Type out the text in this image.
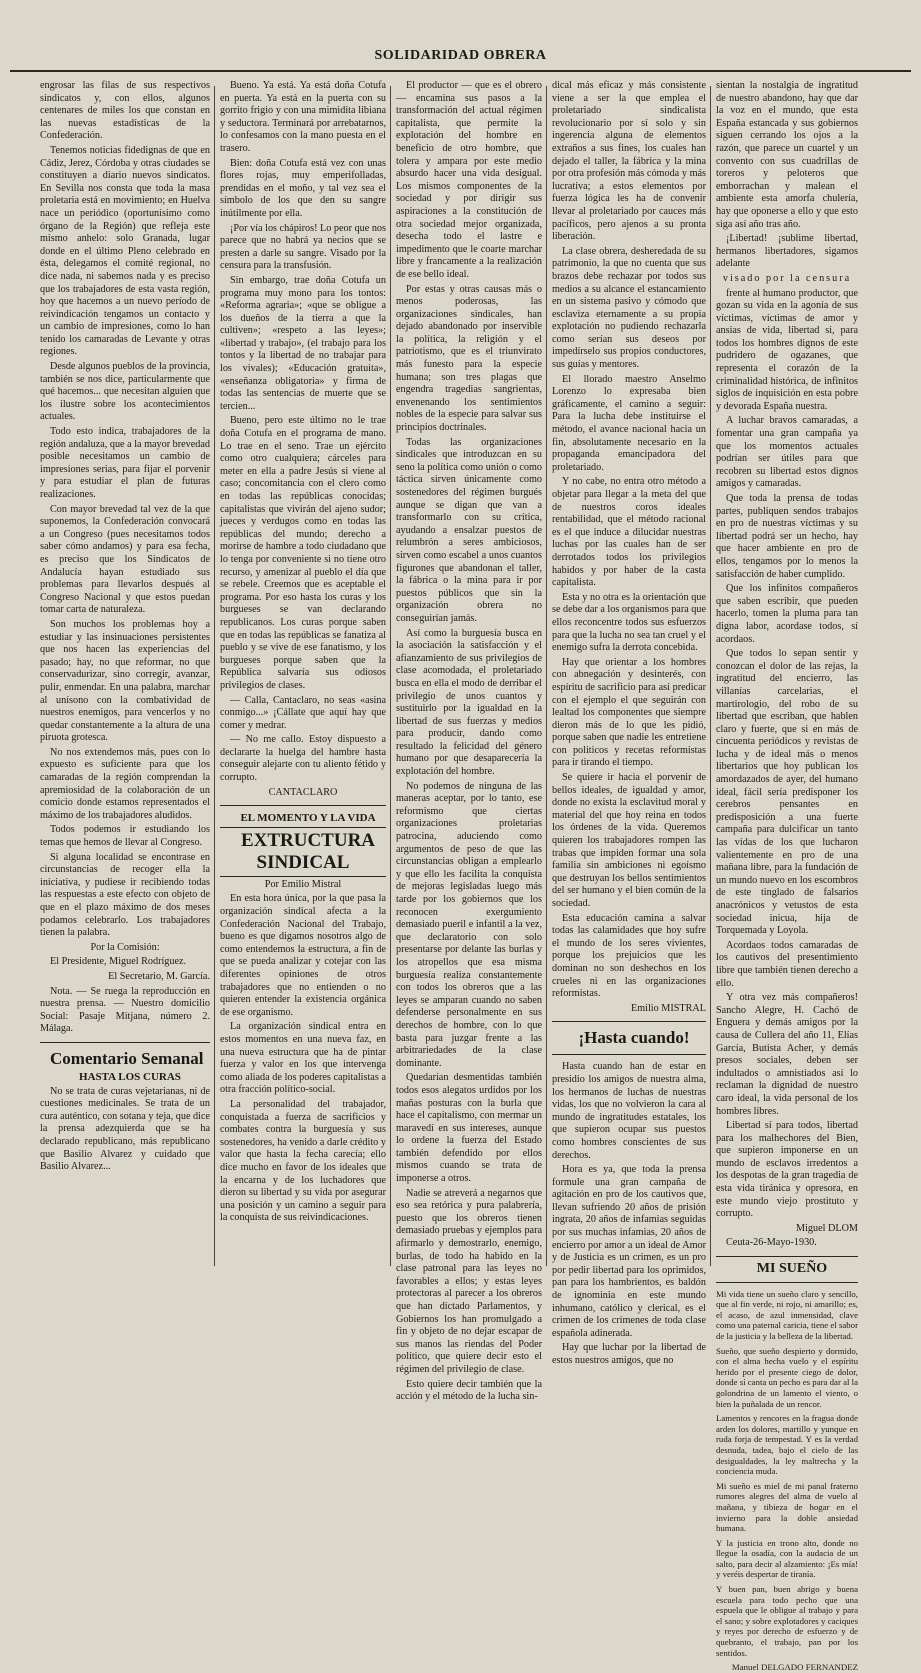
SOLIDARIDAD OBRERA

engrosar las filas de sus respectivos sindicatos y, con ellos, algunos centenares de miles los que constan en las nuevas estadísticas de la Confederación.

Tenemos noticias fidedignas de que en Cádiz, Jerez, Córdoba y otras ciudades se constituyen a diario nuevos sindicatos. En Sevilla nos consta que toda la masa proletaria está en movimiento; en Huelva nace un periódico (oportunísimo como órgano de la Región) que refleja este mismo anhelo: solo Granada, lugar donde en el último Pleno celebrado en ésta, delegamos el comité regional, no dice nada, ni sabemos nada y es preciso que los trabajadores de esta vasta región, hoy que hacemos a un nuevo período de reivindicación tengamos un contacto y un cambio de impresiones, como lo han tenido los camaradas de Levante y otras regiones.

Desde algunos pueblos de la provincia, también se nos dice, particularmente que qué hacemos... que necesitan alguien que los ilustre sobre los acontecimientos actuales.

Todo esto indica, trabajadores de la región andaluza, que a la mayor brevedad posible necesitamos un cambio de impresiones serias, para fijar el porvenir y para estudiar el plan de futuras realizaciones.

Con mayor brevedad tal vez de la que suponemos, la Confederación convocará a un Congreso (pues necesitamos todos saber cómo andamos) y para esa fecha, es preciso que los Sindicatos de Andalucía hayan estudiado sus problemas para llevarlos después al Congreso Nacional y que estos puedan tomar carta de naturaleza.

Son muchos los problemas hoy a estudiar y las insinuaciones persistentes que nos hacen las experiencias del pasado; hay, no que reformar, no que conservadurizar, sino corregir, avanzar, pulir, enmendar. En una palabra, marchar al unísono con la combatividad de nuestros enemigos, para vencerlos y no quedar constantemente a la altura de una piruota grotesca.

No nos extendemos más, pues con lo expuesto es suficiente para que los camaradas de la región comprendan la apremiosidad de la colaboración de un comicio donde estamos representados el máximo de los trabajadores aludidos.

Todos podemos ir estudiando los temas que hemos de llevar al Congreso.

Si alguna localidad se encontrase en circunstancias de recoger ella la iniciativa, y pudiese ir recibiendo todas las respuestas a este efecto con objeto de que en el plazo máximo de dos meses podamos celebrarlo. Los trabajadores tienen la palabra.

Por la Comisión:

El Presidente, Miguel Rodríguez.

El Secretario, M. García.

Nota. — Se ruega la reproducción en nuestra prensa. — Nuestro domicilio Social: Pasaje Mitjana, número 2. Málaga.

Comentario Semanal

HASTA LOS CURAS

No se trata de curas vejetarianas, ni de cuestiones medicinales. Se trata de un cura auténtico, con sotana y teja, que dice la prensa adezquierda que se ha declarado republicano, más republicano que Basilio Alvarez y cuidado que Basilio Alvarez...

Bueno. Ya está. Ya está doña Cotufa en puerta. Ya está en la puerta con su gorrito frigio y con una mimidita libiana y seductora. Terminará por arrebatarnos, lo confesamos con la mano puesta en el trasero.

Bien: doña Cotufa está vez con unas flores rojas, muy emperifolladas, prendidas en el moño, y tal vez sea el símbolo de los que den su sangre inútilmente por ella.

¡Por vía los chápiros! Lo peor que nos parece que no habrá ya necios que se presten a darle su sangre. Visado por la censura para la transfusión.

Sin embargo, trae doña Cotufa un programa muy mono para los tontos: «Reforma agraria»; «que se obligue a los dueños de la tierra a que la cultiven»; «respeto a las leyes»; «libertad y trabajo», (el trabajo para los tontos y la libertad de no trabajar para los vivales); «Educación gratuita», «enseñanza obligatoria» y firma de todas las sentencias de muerte que se tercien...

Bueno, pero este último no le trae doña Cotufa en el programa de mano. Lo trae en el seno. Trae un ejército como otro cualquiera; cárceles para meter en ella a padre Jesús si viene al caso; concomitancia con el clero como en todas las repúblicas conocidas; capitalistas que vivirán del ajeno sudor; jueces y verdugos como en todas las repúblicas del mundo; derecho a morirse de hambre a todo ciudadano que lo tenga por conveniente si no tiene otro recurso, y amenizar al pueblo el día que se rebele. Creemos que es aceptable el programa. Por eso hasta los curas y los burgueses se van declarando republicanos. Los curas porque saben que en todas las repúblicas se fanatiza al pueblo y se vive de ese fanatismo, y los burgueses porque saben que la República salvaría sus odiosos privilegios de clases.

— Calla, Cantaclaro, no seas «asina conmigo...» ¡Cállate que aquí hay que comer y medrar.

— No me callo. Estoy dispuesto a declararte la huelga del hambre hasta conseguir alejarte con tu aliento fétido y corrupto.

CANTACLARO

EL MOMENTO Y LA VIDA

EXTRUCTURA SINDICAL

Por Emilio Mistral

En esta hora única, por la que pasa la organización sindical afecta a la Confederación Nacional del Trabajo, bueno es que digamos nosotros algo de como entendemos la estructura, a fin de que se pueda analizar y cotejar con las diferentes opiniones de otros trabajadores que no entienden o no quieren entender la existencia orgánica de ese organismo.

La organización sindical entra en estos momentos en una nueva faz, en una nueva estructura que ha de pintar fuerza y valor en los que intervenga como aliada de los poderes capitalistas a otra fracción político-social.

La personalidad del trabajador, conquistada a fuerza de sacrificios y combates contra la burguesía y sus sostenedores, ha venido a darle crédito y valor que hasta la fecha carecía; ello dice mucho en favor de los ideales que la encarna y de los luchadores que dieron su libertad y su vida por asegurar una posición y un camino a seguir para la conquista de sus reivindicaciones.

El productor — que es el obrero — encamina sus pasos a la transformación del actual régimen capitalista, que permite la explotación del hombre en beneficio de otro hombre, que tolera y ampara por este medio absurdo hacer una vida desigual. Los mismos componentes de la sociedad y por dirigir sus aspiraciones a la constitución de otra sociedad mejor organizada, desecha todo el lastre e impedimento que le coarte marchar libre y francamente a la realización de ese bello ideal.

Por estas y otras causas más o menos poderosas, las organizaciones sindicales, han dejado abandonado por inservible la política, la religión y el patriotismo, que es el triunvirato más funesto para la especie humana; son tres plagas que engendra tragedias sangrientas, envenenando los sentimientos nobles de la especie para salvar sus principios doctrinales.

Todas las organizaciones sindicales que introduzcan en su seno la política como unión o como táctica sirven únicamente como sostenedores del régimen burgués aunque se digan que van a transformarlo con su crítica, ayudando a ensalzar puestos de relumbrón a seres ambiciosos, sirven como escabel a unos cuantos figurones que abandonan el taller, la fábrica o la mina para ir por puestos públicos que sin la organización obrera no conseguirían jamás.

Así como la burguesía busca en la asociación la satisfacción y el afianzamiento de sus privilegios de clase acomodada, el proletariado busca en ella el modo de derribar el privilegio de unos cuantos y sustituirlo por la igualdad en la libertad de sus fuerzas y medios para producir, dando como resultado la felicidad del género humano por que desaparecería la explotación del hombre.

No podemos de ninguna de las maneras aceptar, por lo tanto, ese reformismo que ciertas organizaciones proletarias patrocina, aduciendo como argumentos de peso de que las circunstancias obligan a emplearlo y que ello les facilita la conquista de mejoras legisladas luego más tarde por los gobiernos que los reconocen exergumiento demasiado pueril e infantil a la vez, que declaratorio con solo presentarse por delante las burlas y los atropellos que esa misma burguesía realiza constantemente con todos los obreros que a las leyes se amparan cuando no saben defenderse personalmente en sus derechos de hombre, con lo que basta para juzgar frente a las arbitrariedades de la clase dominante.

Quedarían desmentidas también todos esos alegatos urdidos por los mañas posturas con la burla que hace el capitalismo, con mermar un maravedí en sus intereses, aunque lo ordene la fuerza del Estado también defendido por ellos mismos cuando se trata de imponerse a otros.

Nadie se atreverá a negarnos que eso sea retórica y pura palabrería, puesto que los obreros tienen demasiado pruebas y ejemplos para afirmarlo y demostrarlo, enemigo, burlas, de todo ha habido en la clase patronal para las leyes no favorables a ellos; y estas leyes protectoras al parecer a los obreros que han dictado Parlamentos, y Gobiernos los han promulgado a fin y objeto de no dejar escapar de sus manos las riendas del Poder político, que quiere decir esto el régimen del privilegio de clase.

Esto quiere decir también que la acción y el método de la lucha sin-

dical más eficaz y más consistente viene a ser la que emplea el proletariado sindicalista revolucionario por sí solo y sin ingerencia alguna de elementos extraños a sus fines, los cuales han dejado el taller, la fábrica y la mina por otra profesión más cómoda y más lucrativa; a estos elementos por fuerza lógica les ha de convenir llevar al proletariado por cauces más pacíficos, pero ajenos a su pronta liberación.

La clase obrera, desheredada de su patrimonio, la que no cuenta que sus brazos debe rechazar por todos sus medios a su alcance el estancamiento en un sistema pasivo y cómodo que esclaviza eternamente a su propia explotación no pudiendo rechazarla como serían sus deseos por impedírselo sus propios conductores, sus guías y mentores.

El llorado maestro Anselmo Lorenzo lo expresaba bien gráficamente, el camino a seguir: Para la lucha debe instituirse el método, el avance nacional hacia un fin, absolutamente necesario en la propaganda emancipadora del proletariado.

Y no cabe, no entra otro método a objetar para llegar a la meta del que de nuestros coros ideales rentabilidad, que el método racional es el que induce a dilucidar nuestras luchas por las cuales han de ser derrotados todos los privilegios habidos y por haber de la casta capitalista.

Esta y no otra es la orientación que se debe dar a los organismos para que ellos reconcentre todos sus esfuerzos para que la lucha no sea tan cruel y el enemigo sufra la derrota concebida.

Hay que orientar a los hombres con abnegación y desinterés, con espíritu de sacrificio para así predicar con el ejemplo el que seguirán con lealtad los componentes que siempre dieron más de lo que les pidió, porque saben que nadie les entretiene con politicos y recetas reformistas para ir tirando el tiempo.

Se quiere ir hacia el porvenir de bellos ideales, de igualdad y amor, donde no exista la esclavitud moral y material del que hoy reina en todos los órdenes de la vida. Queremos quieren los trabajadores rompen las trabas que impiden formar una sola familia sin ambiciones ni egoísmo que destruyan los bellos sentimientos del ser humano y el bien común de la sociedad.

Esta educación camina a salvar todas las calamidades que hoy sufre el mundo de los seres vivientes, porque los prejuicios que les dominan no son deshechos en los crueles ni en las organizaciones reformistas.

Emilio MISTRAL

¡Hasta cuando!

Hasta cuando han de estar en presidio los amigos de nuestra alma, los hermanos de luchas de nuestras vidas, los que no volvieron la cara al mundo de ingratitudes estatales, los que supieron ocupar sus puestos como hombres conscientes de sus derechos.

Hora es ya, que toda la prensa formule una gran campaña de agitación en pro de los cautivos que, llevan sufriendo 20 años de prisión ingrata, 20 años de infamias seguidas por sus muchas infamias, 20 años de encierro por amor a un ideal de Amor y de Justicia es un crimen, es un pro por pedir libertad para los oprimidos, pan para los hambrientos, es baldón de ignominia en este mundo inhumano, católico y clerical, es el crimen de los crímenes de toda clase española adinerada.

Hay que luchar por la libertad de estos nuestros amigos, que no

sientan la nostalgia de ingratitud de nuestro abandono, hay que dar la voz en el mundo, que esta España estancada y sus gobiernos siguen cerrando los ojos a la razón, que parece un cuartel y un convento con sus cuadrillas de toreros y peloteros que emborrachan y malean el ambiente esta amorfa chulería, hay que oponerse a ello y que esto siga así año tras año.

¡Libertad! ¡sublime libertad, hermanos libertadores, sigamos adelante

visado por la censura

frente al humano productor, que gozan su vida en la agonía de sus víctimas, víctimas de amor y ansias de vida, libertad si, para todos los hombres dignos de este pudridero de ogazanes, que representa el corazón de la criminalidad histórica, de infinitos siglos de inquisición en esta pobre y devorada España nuestra.

A luchar bravos camaradas, a fomentar una gran campaña ya que los momentos actuales podrían ser útiles para que recobren su libertad estos dignos amigos y camaradas.

Que toda la prensa de todas partes, publiquen sendos trabajos en pro de nuestras víctimas y su libertad podrá ser un hecho, hay que hacer ambiente en pro de ellos, tengamos por lo menos la satisfacción de haber cumplido.

Que los infinitos compañeros que saben escribir, que pueden hacerlo, tomen la pluma para tan digna labor, acordase todos, sí acordaos.

Que todos lo sepan sentir y conozcan el dolor de las rejas, la ingratitud del encierro, las villanías carcelarias, el martirologio, del robo de su libertad que escriban, que hablen claro y fuerte, que si en más de cincuenta periódicos y revistas de lucha y de ideal más o menos libertarios que hoy publican los amordazados de ayer, del humano ideal, fácil sería predisponer los cerebros pensantes en predisposición a una fuerte campaña para dulcificar un tanto las vidas de los que lucharon valientemente en pro de una mañana libre, para la fundación de un mundo nuevo en los escombros de este tinglado de falsarios anacrónicos y vetustos de esta sociedad inicua, hija de Torquemada y Loyola.

Acordaos todos camaradas de los cautivos del presentimiento libre que también tienen derecho a ello.

Y otra vez más compañeros! Sancho Alegre, H. Cachó de Enguera y demás amigos por la causa de Cullera del año 11, Elías García, Butista Acher, y demás presos sociales, deben ser indultados o amnistiados así lo reclaman la dignidad de nuestro caro ideal, la vida personal de los hombres libres.

Libertad sí para todos, libertad para los malhechores del Bien, que supieron imponerse en un mundo de esclavos irredentos a los despotas de la gran tragedia de esta vida tiránica y opresora, en este mundo viejo prostituto y corrupto.

Miguel DLOM

Ceuta-26-Mayo-1930.

MI SUEÑO

Mi vida tiene un sueño claro y sencillo, que al fin verde, ni rojo, ni amarillo; es, el acaso, de azul inmensidad, clave como una paternal caricia, tiene el sabor de la justicia y la belleza de la libertad.

Sueño, que sueño despierto y dormido, con el alma hecha vuelo y el espíritu herido por el presente ciego de dolor, donde sí canta un pecho es para dar al la golondrina de un lamento el viento, o bien la puñalada de un rencor.

Lamentos y rencores en la fragua donde arden los dolores, martillo y yunque en ruda forja de tempestad. Y es la verdad desnuda, tadea, bajo el cielo de las desigualdades, la ley maltrecha y la conciencia muda.

Mi sueño es miel de mi panal fraterno rumores alegres del alma de vuelo al mañana, y tibieza de hogar en el invierno para la doble ansiedad humana.

Y la justicia en trono alto, donde no llegue la osadía, con la audacia de un salto, para decir al alzamiento: ¡Es mía! y veréis despertar de tiranía.

Y buen pan, buen abrigo y buena escuela para todo pecho que una espuela que le obligue al trabajo y para el sano; y sobre explotadores y caciques y reyes por derecho de esfuerzo y de quebranto, el trabajo, pan por los sentidos.

Manuel DELGADO FERNANDEZ
